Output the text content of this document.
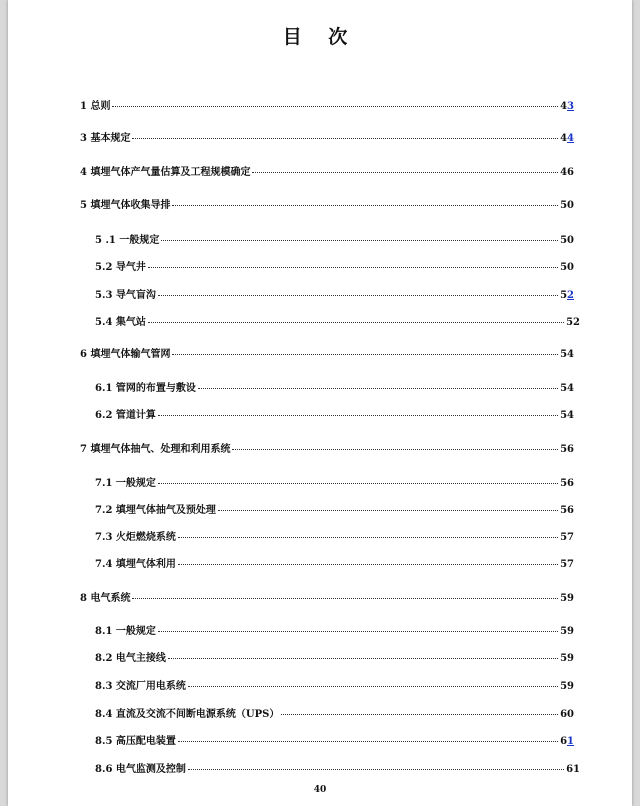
目 次
1 总则	43
3 基本规定	44
4 填埋气体产气量估算及工程规模确定	46
5 填埋气体收集导排	50
5 .1 一般规定	50
5.2 导气井	50
5.3 导气盲沟	52
5.4 集气站	52
6 填埋气体输气管网	54
6.1 管网的布置与敷设	54
6.2 管道计算	54
7 填埋气体抽气、处理和利用系统	56
7.1 一般规定	56
7.2 填埋气体抽气及预处理	56
7.3 火炬燃烧系统	57
7.4 填埋气体利用	57
8 电气系统	59
8.1 一般规定	59
8.2 电气主接线	59
8.3 交流厂用电系统	59
8.4 直流及交流不间断电源系统（UPS）	60
8.5 高压配电装置	61
8.6 电气监测及控制	61
40
